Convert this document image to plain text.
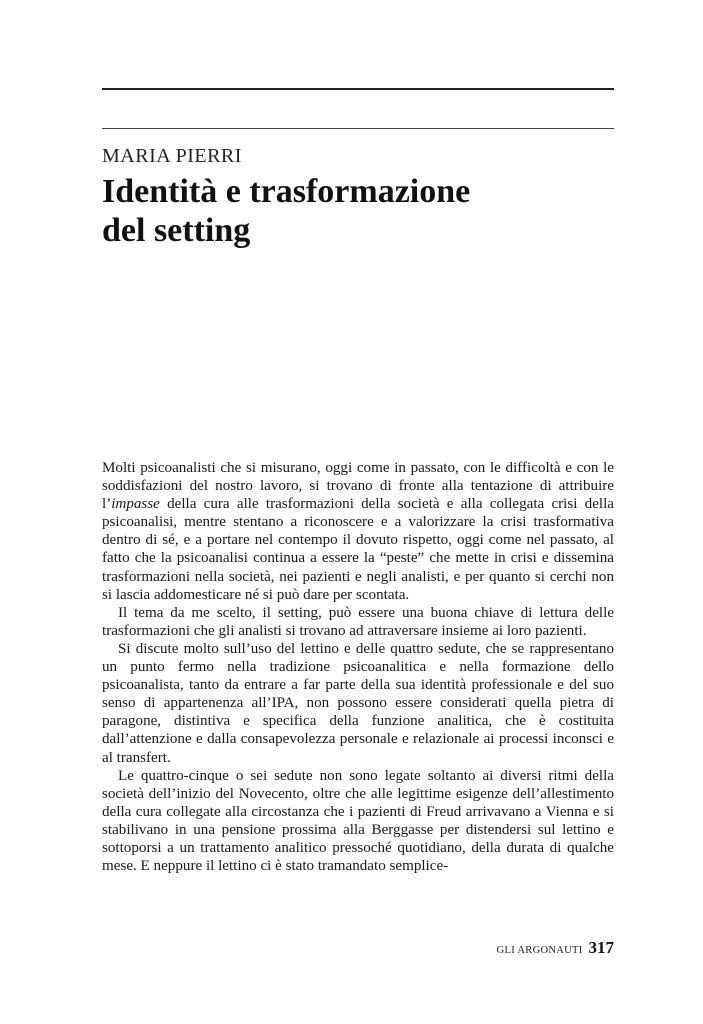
MARIA PIERRI
Identità e trasformazione
del setting

Molti psicoanalisti che si misurano, oggi come in passato, con le difficoltà e con le soddisfazioni del nostro lavoro, si trovano di fronte alla tentazione di attribuire l’impasse della cura alle trasformazioni della società e alla collegata crisi della psicoanalisi, mentre stentano a riconoscere e a valorizzare la crisi trasformativa dentro di sé, e a portare nel contempo il dovuto rispetto, oggi come nel passato, al fatto che la psicoanalisi continua a essere la “peste” che mette in crisi e dissemina trasformazioni nella società, nei pazienti e negli analisti, e per quanto si cerchi non si lascia addomesticare né si può dare per scontata.

Il tema da me scelto, il setting, può essere una buona chiave di lettura delle trasformazioni che gli analisti si trovano ad attraversare insieme ai loro pazienti.

Si discute molto sull’uso del lettino e delle quattro sedute, che se rappresentano un punto fermo nella tradizione psicoanalitica e nella formazione dello psicoanalista, tanto da entrare a far parte della sua identità professionale e del suo senso di appartenenza all’IPA, non possono essere considerati quella pietra di paragone, distintiva e specifica della funzione analitica, che è costituita dall’attenzione e dalla consapevolezza personale e relazionale ai processi inconsci e al transfert.

Le quattro-cinque o sei sedute non sono legate soltanto ai diversi ritmi della società dell’inizio del Novecento, oltre che alle legittime esigenze dell’allestimento della cura collegate alla circostanza che i pazienti di Freud arrivavano a Vienna e si stabilivano in una pensione prossima alla Berggasse per distendersi sul lettino e sottoporsi a un trattamento analitico pressoché quotidiano, della durata di qualche mese. E neppure il lettino ci è stato tramandato semplice-

GLI ARGONAUTI 317
